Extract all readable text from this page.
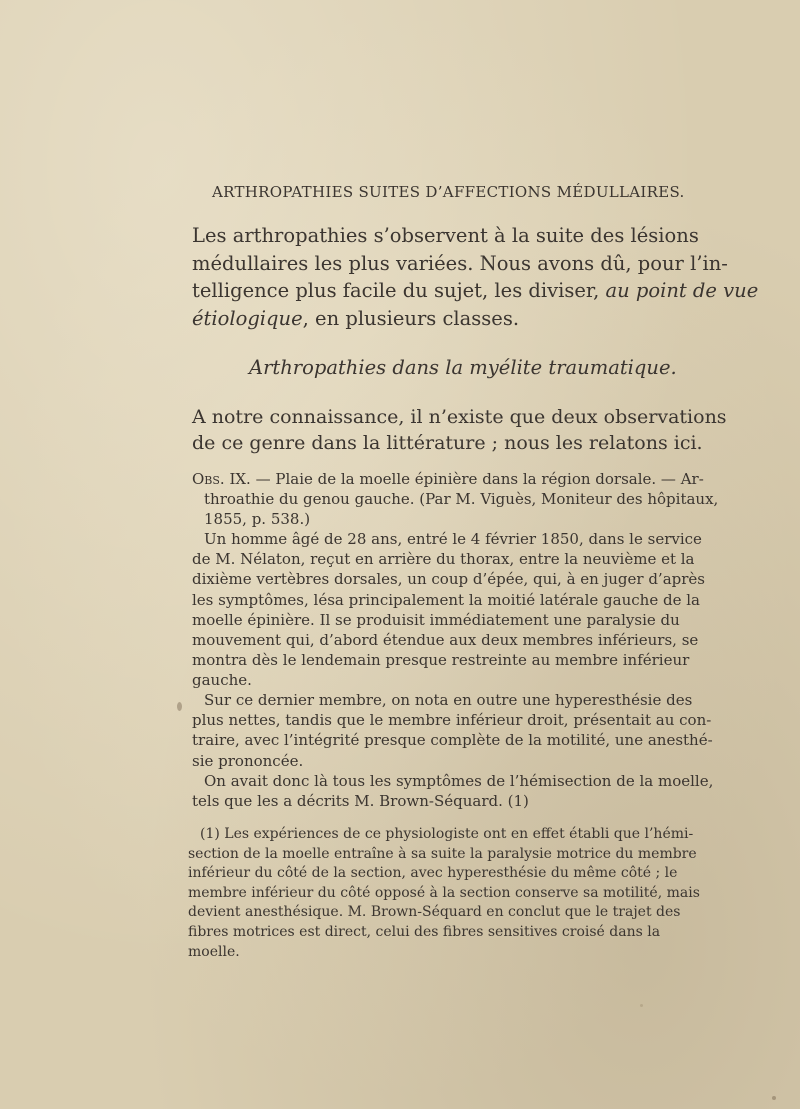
ARTHROPATHIES SUITES D’AFFECTIONS MÉDULLAIRES.
Les arthropathies s’observent à la suite des lésions
médullaires les plus variées. Nous avons dû, pour l’in-
telligence plus facile du sujet, les diviser, au point de vue
étiologique, en plusieurs classes.
Arthropathies dans la myélite traumatique.
A notre connaissance, il n’existe que deux observations
de ce genre dans la littérature ; nous les relatons ici.
Obs. IX. — Plaie de la moelle épinière dans la région dorsale. — Ar-
throathie du genou gauche. (Par M. Viguès, Moniteur des hôpitaux,
1855, p. 538.)
Un homme âgé de 28 ans, entré le 4 février 1850, dans le service
de M. Nélaton, reçut en arrière du thorax, entre la neuvième et la
dixième vertèbres dorsales, un coup d’épée, qui, à en juger d’après
les symptômes, lésa principalement la moitié latérale gauche de la
moelle épinière. Il se produisit immédiatement une paralysie du
mouvement qui, d’abord étendue aux deux membres inférieurs, se
montra dès le lendemain presque restreinte au membre inférieur
gauche.
Sur ce dernier membre, on nota en outre une hyperesthésie des
plus nettes, tandis que le membre inférieur droit, présentait au con-
traire, avec l’intégrité presque complète de la motilité, une anesthé-
sie prononcée.
On avait donc là tous les symptômes de l’hémisection de la moelle,
tels que les a décrits M. Brown-Séquard. (1)
(1) Les expériences de ce physiologiste ont en effet établi que l’hémi-
section de la moelle entraîne à sa suite la paralysie motrice du membre
inférieur du côté de la section, avec hyperesthésie du même côté ; le
membre inférieur du côté opposé à la section conserve sa motilité, mais
devient anesthésique. M. Brown-Séquard en conclut que le trajet des
fibres motrices est direct, celui des fibres sensitives croisé dans la
moelle.
